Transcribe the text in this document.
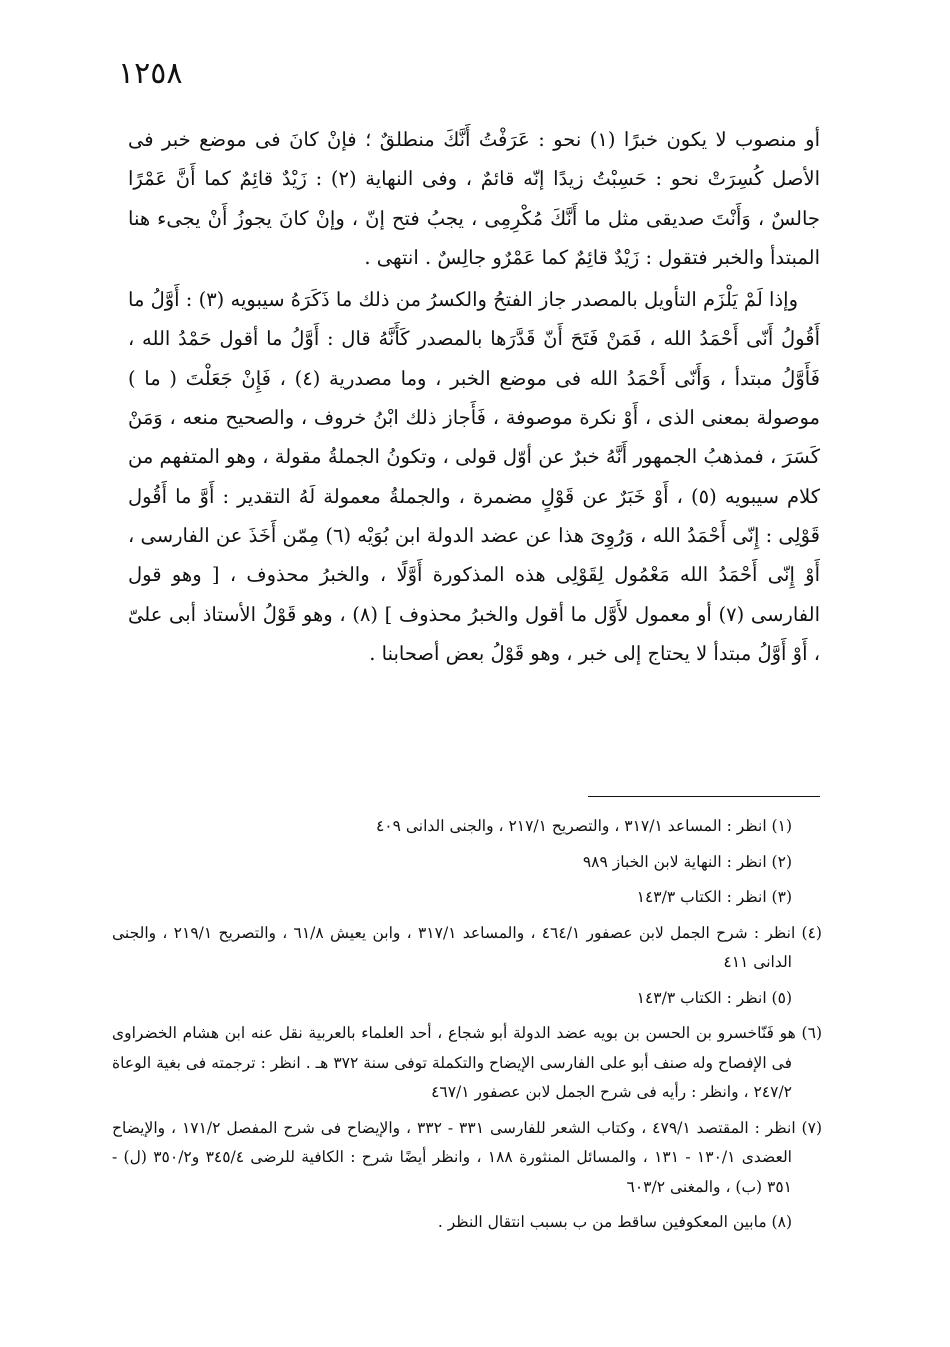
١٢٥٨

أو منصوب لا يكون خبرًا (١) نحو : عَرَفْتُ أَنَّكَ منطلقٌ ؛ فإنْ كانَ فى موضع خبر فى الأصل كُسِرَتْ نحو : حَسِبْتُ زيدًا إنّه قائمٌ ، وفى النهاية (٢) : زَيْدٌ قائِمٌ كما أَنَّ عَمْرًا جالسٌ ، وَأَنْتَ صديقى مثل ما أَنَّكَ مُكْرِمِى ، يجبُ فتح إنّ ، وإنْ كانَ يجوزُ أَنْ يجىء هنا المبتدأ والخبر فتقول : زَيْدٌ قائِمٌ كما عَمْرٌو جالِسٌ . انتهى .

وإذا لَمْ يَلْزَم التأويل بالمصدر جاز الفتحُ والكسرُ من ذلك ما ذَكَرَهُ سيبويه (٣) : أَوَّلُ ما أَقُولُ أَنّى أَحْمَدُ الله ، فَمَنْ فَتَحَ أَنّ قَدَّرَها بالمصدر كَأَنَّهُ قال : أَوَّلُ ما أقول حَمْدُ الله ، فَأَوَّلُ مبتدأ ، وَأَنّى أَحْمَدُ الله فى موضع الخبر ، وما مصدرية (٤) ، فَإِنْ جَعَلْتَ ( ما ) موصولة بمعنى الذى ، أَوْ نكرة موصوفة ، فَأَجاز ذلك ابْنُ خروف ، والصحيح منعه ، وَمَنْ كَسَرَ ، فمذهبُ الجمهور أَنَّهُ خبرٌ عن أوّل قولى ، وتكونُ الجملةُ مقولة ، وهو المتفهم من كلام سيبويه (٥) ، أَوْ خَبَرٌ عن قَوْلٍ مضمرة ، والجملةُ معمولة لَهُ التقدير : أَوَّ ما أَقُول قَوْلِى : إِنّى أَحْمَدُ الله ، وَرُوِىَ هذا عن عضد الدولة ابن بُوَيْه (٦) مِمّن أَخَذَ عن الفارسى ، أَوْ إِنّى أَحْمَدُ الله مَعْمُول لِقَوْلِى هذه المذكورة أَوَّلًا ، والخبرُ محذوف ، [ وهو قول الفارسى (٧) أو معمول لأَوَّل ما أقول والخبرُ محذوف ] (٨) ، وهو قَوْلُ الأستاذ أبى علىّ ، أَوْ أَوَّلُ مبتدأ لا يحتاج إلى خبر ، وهو قَوْلُ بعض أصحابنا .

(١) انظر : المساعد ٣١٧/١ ، والتصريح ٢١٧/١ ، والجنى الدانى ٤٠٩

(٢) انظر : النهاية لابن الخباز ٩٨٩

(٣) انظر : الكتاب ١٤٣/٣

(٤) انظر : شرح الجمل لابن عصفور ٤٦٤/١ ، والمساعد ٣١٧/١ ، وابن يعيش ٦١/٨ ، والتصريح ٢١٩/١ ، والجنى الدانى ٤١١

(٥) انظر : الكتاب ١٤٣/٣

(٦) هو فَنّاخسرو بن الحسن بن بويه عضد الدولة أبو شجاع ، أحد العلماء بالعربية نقل عنه ابن هشام الخضراوى فى الإفصاح وله صنف أبو على الفارسى الإيضاح والتكملة توفى سنة ٣٧٢ هـ . انظر : ترجمته فى بغية الوعاة ٢٤٧/٢ ، وانظر : رأيه فى شرح الجمل لابن عصفور ٤٦٧/١

(٧) انظر : المقتصد ٤٧٩/١ ، وكتاب الشعر للفارسى ٣٣١ - ٣٣٢ ، والإيضاح فى شرح المفصل ١٧١/٢ ، والإيضاح العضدى ١٣٠/١ - ١٣١ ، والمسائل المنثورة ١٨٨ ، وانظر أيضًا شرح : الكافية للرضى ٣٤٥/٤ و٣٥٠/٢ (ل) - ٣٥١ (ب) ، والمغنى ٦٠٣/٢

(٨) مابين المعكوفين ساقط من ب بسبب انتقال النظر .
